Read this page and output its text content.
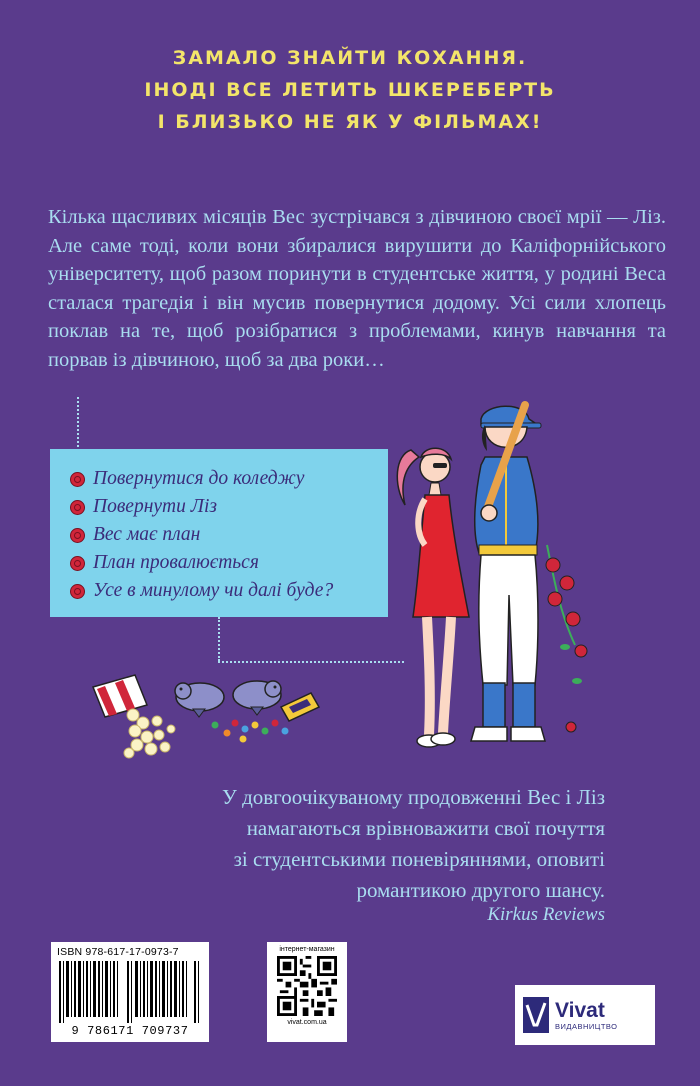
ЗАМАЛО ЗНАЙТИ КОХАННЯ.
ІНОДІ ВСЕ ЛЕТИТЬ ШКЕРЕБЕРТЬ
І БЛИЗЬКО НЕ ЯК У ФІЛЬМАХ!

Кілька щасливих місяців Вес зустрічався з дівчиною своєї мрії — Ліз. Але саме тоді, коли вони збиралися вирушити до Каліфорнійського університету, щоб разом поринути в студентське життя, у родині Веса сталася трагедія і він мусив повернутися додому. Усі сили хлопець поклав на те, щоб розібратися з проблемами, кинув навчання та порвав із дівчиною, щоб за два роки…

Повернутися до коледжу
Повернути Ліз
Вес має план
План провалюється
Усе в минулому чи далі буде?
У довгоочікуваному продовженні Вес і Ліз
намагаються врівноважити свої почуття
зі студентськими поневіряннями, оповиті
романтикою другого шансу.
Kirkus Reviews
ISBN 978-617-17-0973-7
9 786171 709737
інтернет-магазин
vivat.com.ua
Vivat
ВИДАВНИЦТВО
